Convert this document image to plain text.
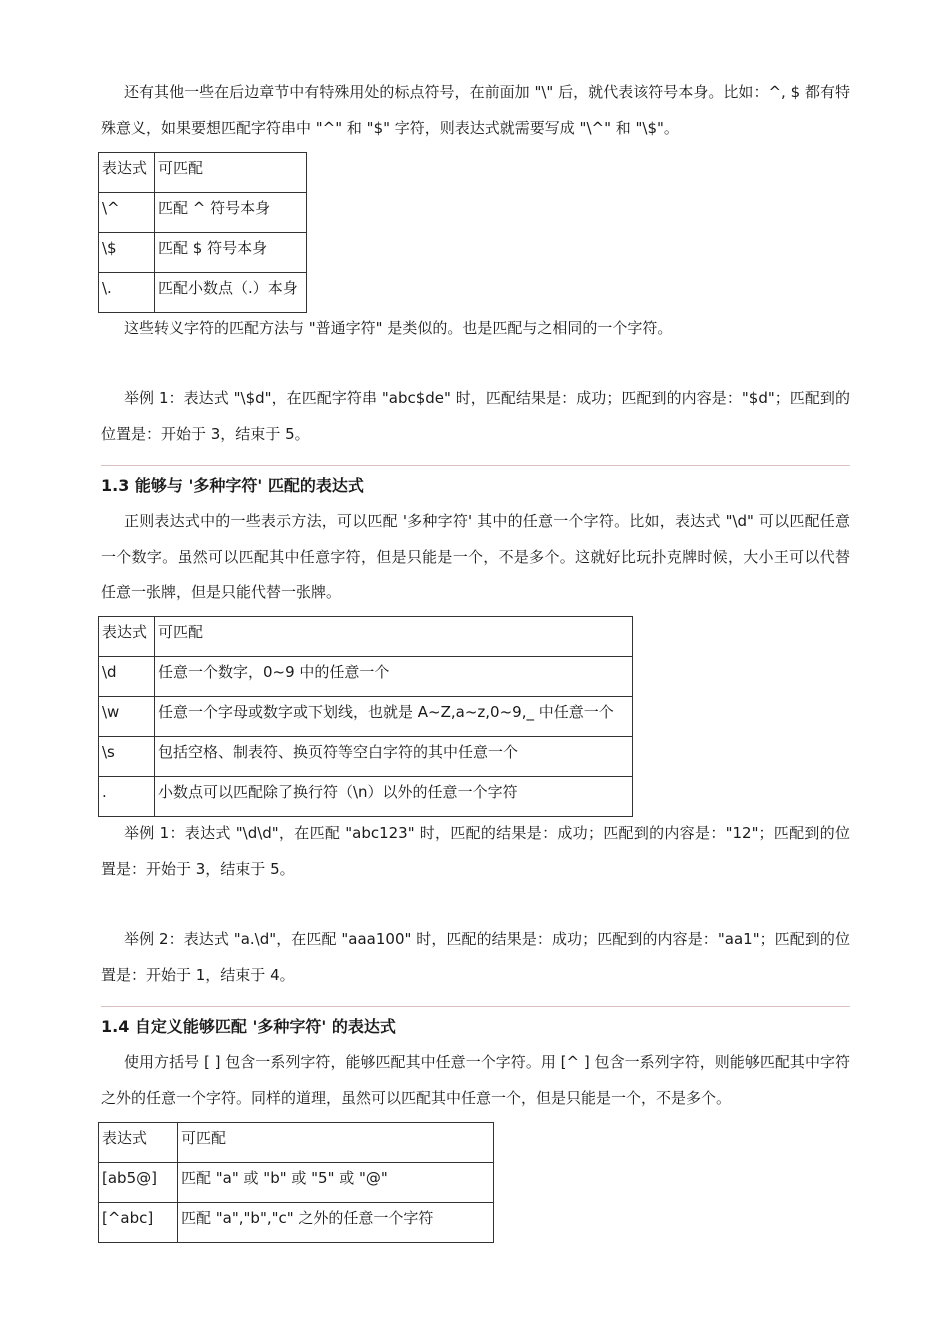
还有其他一些在后边章节中有特殊用处的标点符号，在前面加 "\" 后，就代表该符号本身。比如：^, $ 都有特殊意义，如果要想匹配字符串中 "^" 和 "$" 字符，则表达式就需要写成 "\^" 和 "\$"。

表达式	可匹配
\^	匹配 ^ 符号本身
\$	匹配 $ 符号本身
\.	匹配小数点（.）本身

这些转义字符的匹配方法与 "普通字符" 是类似的。也是匹配与之相同的一个字符。

举例 1：表达式 "\$d"，在匹配字符串 "abc$de" 时，匹配结果是：成功；匹配到的内容是："$d"；匹配到的位置是：开始于 3，结束于 5。

1.3 能够与 '多种字符' 匹配的表达式

正则表达式中的一些表示方法，可以匹配 '多种字符' 其中的任意一个字符。比如，表达式 "\d" 可以匹配任意一个数字。虽然可以匹配其中任意字符，但是只能是一个，不是多个。这就好比玩扑克牌时候，大小王可以代替任意一张牌，但是只能代替一张牌。

表达式	可匹配
\d	任意一个数字，0~9 中的任意一个
\w	任意一个字母或数字或下划线，也就是 A~Z,a~z,0~9,_ 中任意一个
\s	包括空格、制表符、换页符等空白字符的其中任意一个
.	小数点可以匹配除了换行符（\n）以外的任意一个字符

举例 1：表达式 "\d\d"，在匹配 "abc123" 时，匹配的结果是：成功；匹配到的内容是："12"；匹配到的位置是：开始于 3，结束于 5。

举例 2：表达式 "a.\d"，在匹配 "aaa100" 时，匹配的结果是：成功；匹配到的内容是："aa1"；匹配到的位置是：开始于 1，结束于 4。

1.4 自定义能够匹配 '多种字符' 的表达式

使用方括号 [ ] 包含一系列字符，能够匹配其中任意一个字符。用 [^ ] 包含一系列字符，则能够匹配其中字符之外的任意一个字符。同样的道理，虽然可以匹配其中任意一个，但是只能是一个，不是多个。

表达式	可匹配
[ab5@]	匹配 "a" 或 "b" 或 "5" 或 "@"
[^abc]	匹配 "a","b","c" 之外的任意一个字符
